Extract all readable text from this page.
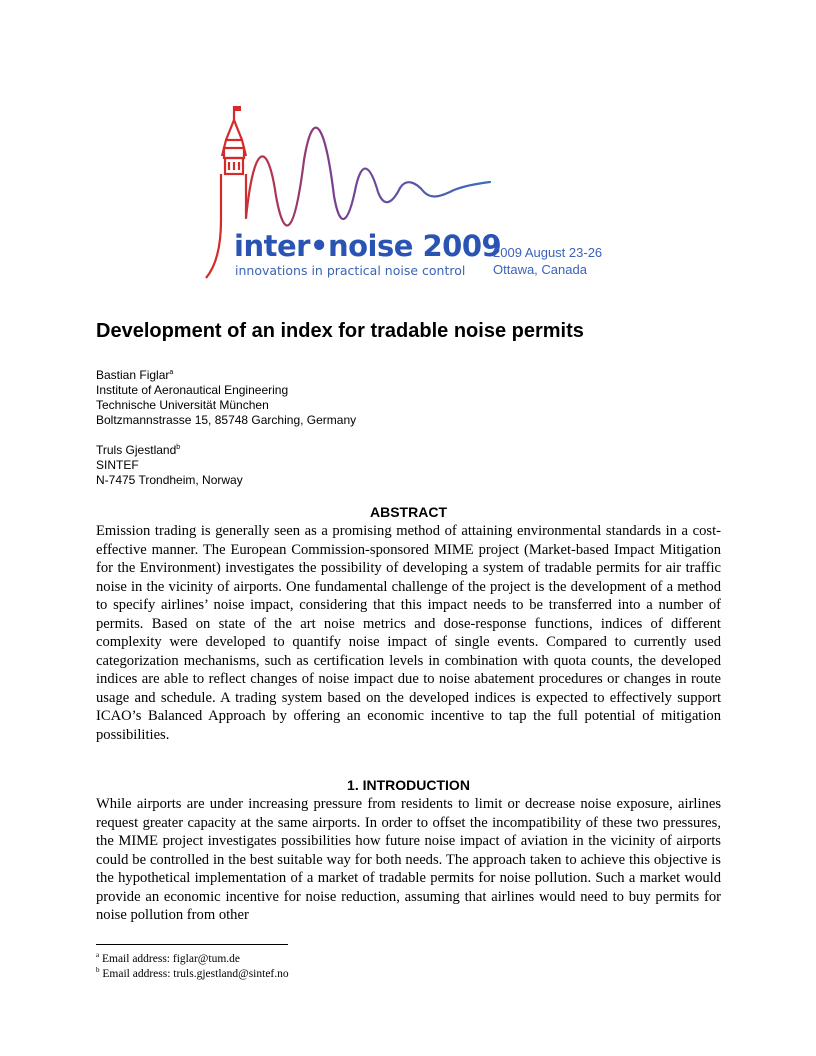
inter•noise 2009
innovations in practical noise control
2009 August 23-26
Ottawa, Canada
Development of an index for tradable noise permits
Bastian Figlar$^a$
Institute of Aeronautical Engineering
Technische Universität München
Boltzmannstrasse 15, 85748 Garching, Germany
Truls Gjestland$^b$
SINTEF
N-7475 Trondheim, Norway
ABSTRACT
Emission trading is generally seen as a promising method of attaining environmental standards in a cost-effective manner. The European Commission-sponsored MIME project (Market-based Impact Mitigation for the Environment) investigates the possibility of developing a system of tradable permits for air traffic noise in the vicinity of airports. One fundamental challenge of the project is the development of a method to specify airlines’ noise impact, considering that this impact needs to be transferred into a number of permits. Based on state of the art noise metrics and dose-response functions, indices of different complexity were developed to quantify noise impact of single events. Compared to currently used categorization mechanisms, such as certification levels in combination with quota counts, the developed indices are able to reflect changes of noise impact due to noise abatement procedures or changes in route usage and schedule. A trading system based on the developed indices is expected to effectively support ICAO’s Balanced Approach by offering an economic incentive to tap the full potential of mitigation possibilities.
1. INTRODUCTION
While airports are under increasing pressure from residents to limit or decrease noise exposure, airlines request greater capacity at the same airports. In order to offset the incompatibility of these two pressures, the MIME project investigates possibilities how future noise impact of aviation in the vicinity of airports could be controlled in the best suitable way for both needs. The approach taken to achieve this objective is the hypothetical implementation of a market of tradable permits for noise pollution. Such a market would provide an economic incentive for noise reduction, assuming that airlines would need to buy permits for noise pollution from other
$^a$ Email address: figlar@tum.de
$^b$ Email address: truls.gjestland@sintef.no
